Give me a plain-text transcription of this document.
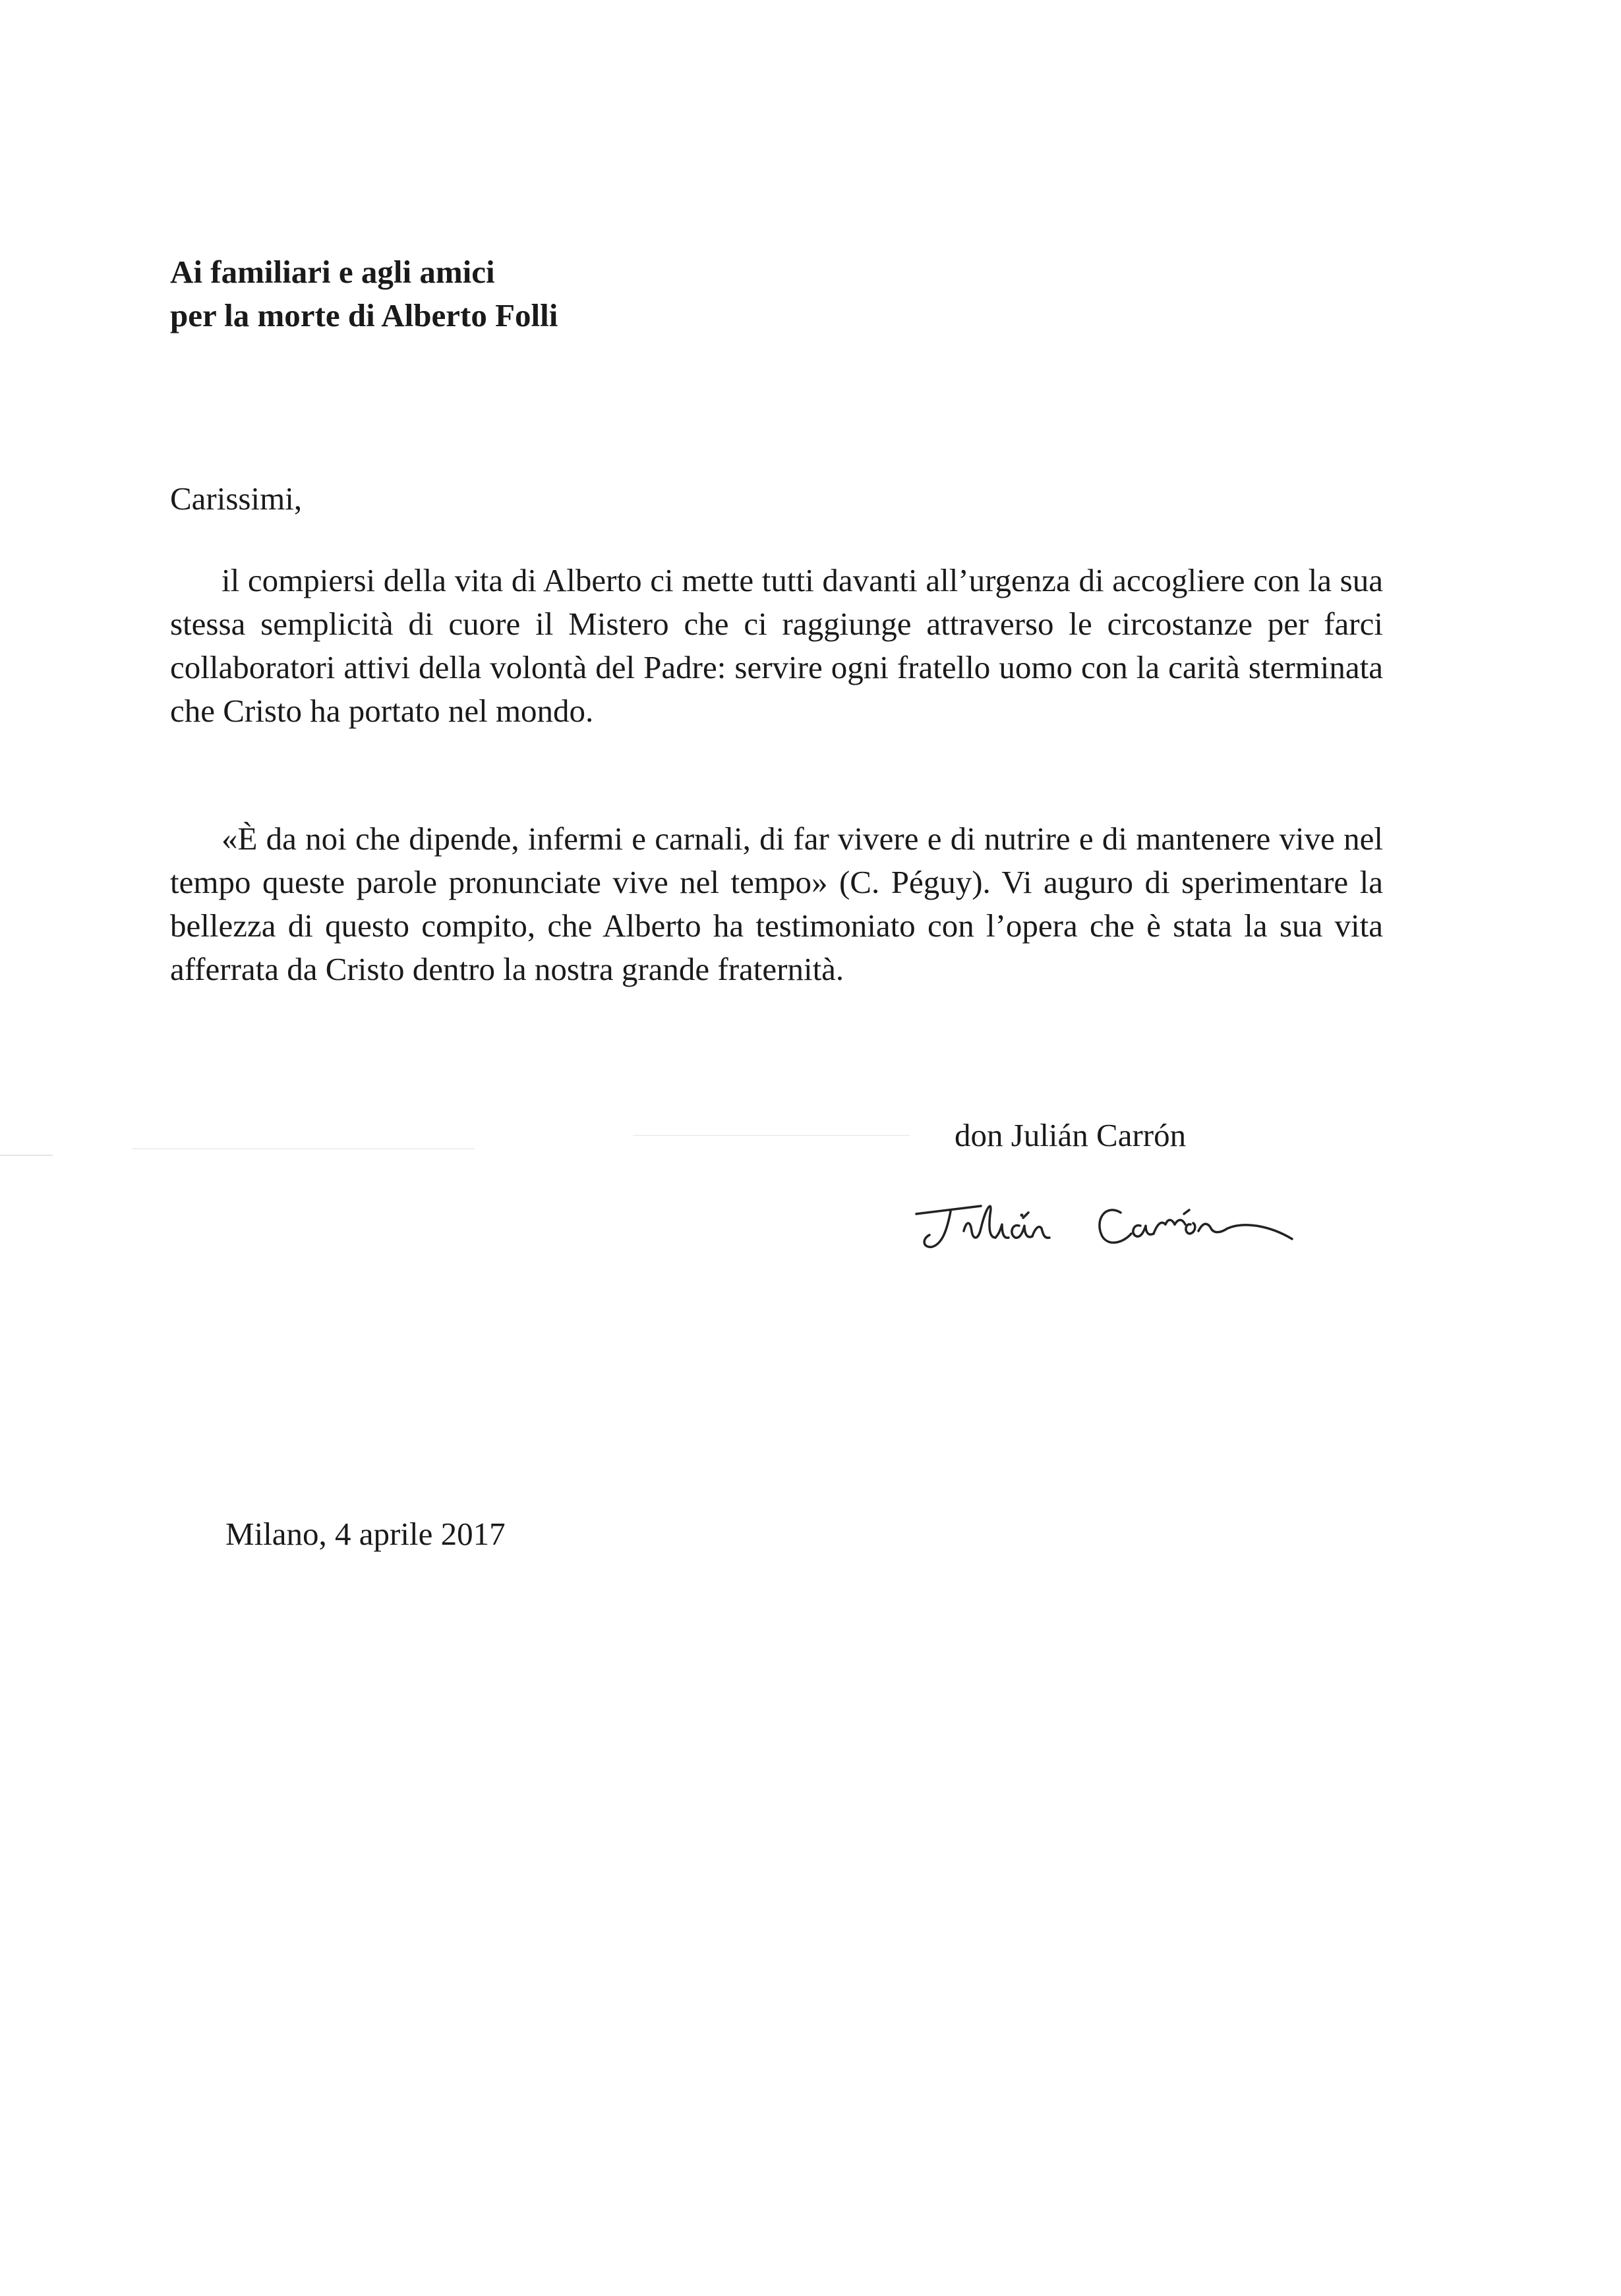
Ai familiari e agli amici
per la morte di Alberto Folli
Carissimi,

il compiersi della vita di Alberto ci mette tutti davanti all’urgenza di accogliere con la sua stessa semplicità di cuore il Mistero che ci raggiunge attraverso le circostanze per farci collaboratori attivi della volontà del Padre: servire ogni fratello uomo con la carità sterminata che Cristo ha portato nel mondo.

«È da noi che dipende, infermi e carnali, di far vivere e di nutrire e di mantenere vive nel tempo queste parole pronunciate vive nel tempo» (C. Péguy). Vi auguro di sperimentare la bellezza di questo compito, che Alberto ha testimoniato con l’opera che è stata la sua vita afferrata da Cristo dentro la nostra grande fraternità.

don Julián Carrón
Milano, 4 aprile 2017
